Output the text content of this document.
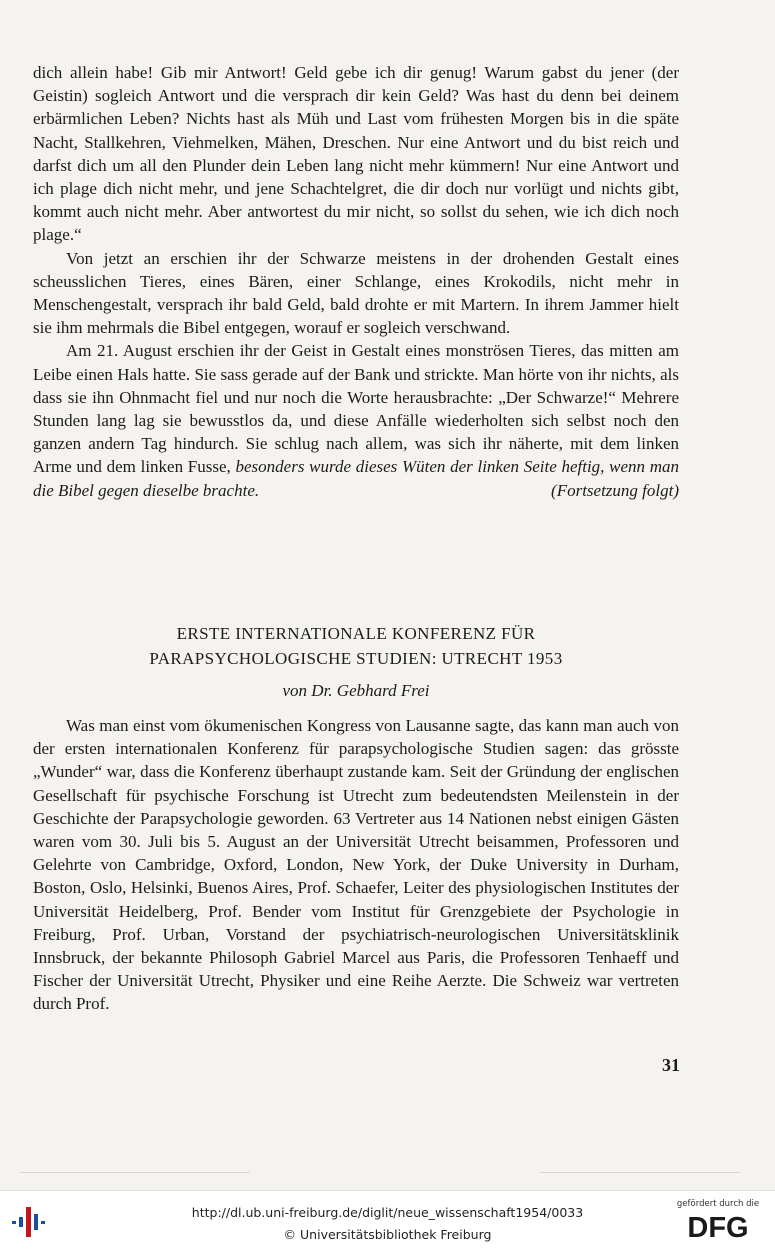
dich allein habe! Gib mir Antwort! Geld gebe ich dir genug! Warum gabst du jener (der Geistin) sogleich Antwort und die versprach dir kein Geld? Was hast du denn bei deinem erbärmlichen Leben? Nichts hast als Müh und Last vom frühesten Morgen bis in die späte Nacht, Stallkehren, Viehmelken, Mähen, Dreschen. Nur eine Antwort und du bist reich und darfst dich um all den Plunder dein Leben lang nicht mehr kümmern! Nur eine Antwort und ich plage dich nicht mehr, und jene Schachtelgret, die dir doch nur vorlügt und nichts gibt, kommt auch nicht mehr. Aber antwortest du mir nicht, so sollst du sehen, wie ich dich noch plage.“

Von jetzt an erschien ihr der Schwarze meistens in der drohenden Gestalt eines scheusslichen Tieres, eines Bären, einer Schlange, eines Krokodils, nicht mehr in Menschengestalt, versprach ihr bald Geld, bald drohte er mit Martern. In ihrem Jammer hielt sie ihm mehrmals die Bibel entgegen, worauf er sogleich verschwand.

Am 21. August erschien ihr der Geist in Gestalt eines monströsen Tieres, das mitten am Leibe einen Hals hatte. Sie sass gerade auf der Bank und strickte. Man hörte von ihr nichts, als dass sie ihn Ohnmacht fiel und nur noch die Worte herausbrachte: „Der Schwarze!“ Mehrere Stunden lang lag sie bewusstlos da, und diese Anfälle wiederholten sich selbst noch den ganzen andern Tag hindurch. Sie schlug nach allem, was sich ihr näherte, mit dem linken Arme und dem linken Fusse, besonders wurde dieses Wüten der linken Seite heftig, wenn man die Bibel gegen dieselbe brachte.	(Fortsetzung folgt)

ERSTE INTERNATIONALE KONFERENZ FÜR
PARAPSYCHOLOGISCHE STUDIEN: UTRECHT 1953
von Dr. Gebhard Frei

Was man einst vom ökumenischen Kongress von Lausanne sagte, das kann man auch von der ersten internationalen Konferenz für parapsychologische Studien sagen: das grösste „Wunder“ war, dass die Konferenz überhaupt zustande kam. Seit der Gründung der englischen Gesellschaft für psychische Forschung ist Utrecht zum bedeutendsten Meilenstein in der Geschichte der Parapsychologie geworden. 63 Vertreter aus 14 Nationen nebst einigen Gästen waren vom 30. Juli bis 5. August an der Universität Utrecht beisammen, Professoren und Gelehrte von Cambridge, Oxford, London, New York, der Duke University in Durham, Boston, Oslo, Helsinki, Buenos Aires, Prof. Schaefer, Leiter des physiologischen Institutes der Universität Heidelberg, Prof. Bender vom Institut für Grenzgebiete der Psychologie in Freiburg, Prof. Urban, Vorstand der psychiatrisch-neurologischen Universitätsklinik Innsbruck, der bekannte Philosoph Gabriel Marcel aus Paris, die Professoren Tenhaeff und Fischer der Universität Utrecht, Physiker und eine Reihe Aerzte. Die Schweiz war vertreten durch Prof.

31
http://dl.ub.uni-freiburg.de/diglit/neue_wissenschaft1954/0033
© Universitätsbibliothek Freiburg
gefördert durch die
DFG
